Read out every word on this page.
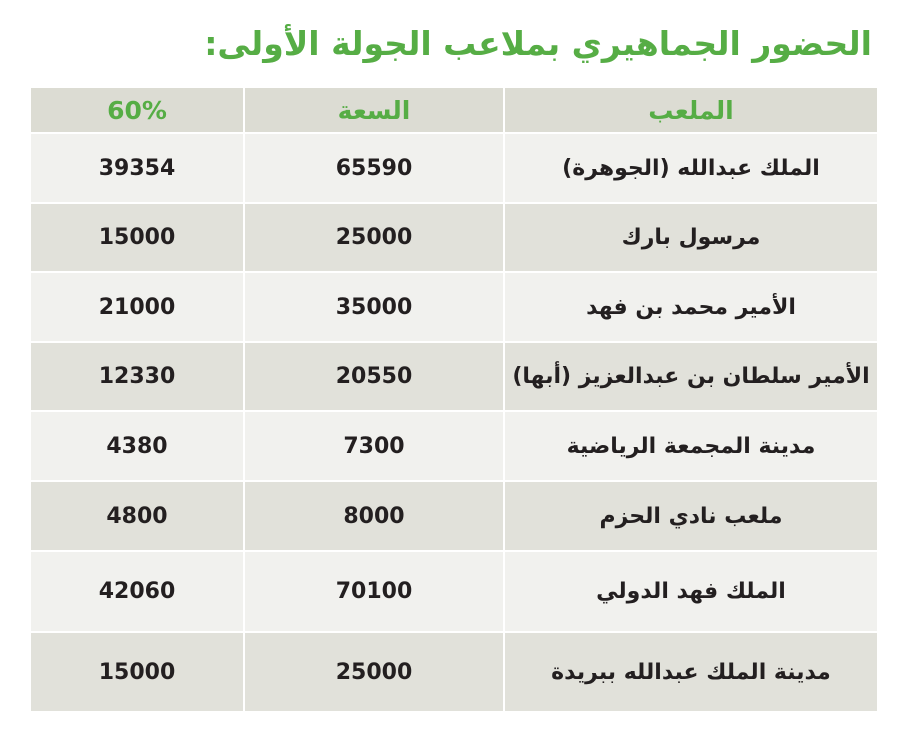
الحضور الجماهيري بملاعب الجولة الأولى:
60%	السعة	الملعب
39354	65590	الملك عبدالله (الجوهرة)
15000	25000	مرسول بارك
21000	35000	الأمير محمد بن فهد
12330	20550	الأمير سلطان بن عبدالعزيز (أبها)
4380	7300	مدينة المجمعة الرياضية
4800	8000	ملعب نادي الحزم
42060	70100	الملك فهد الدولي
15000	25000	مدينة الملك عبدالله ببريدة
